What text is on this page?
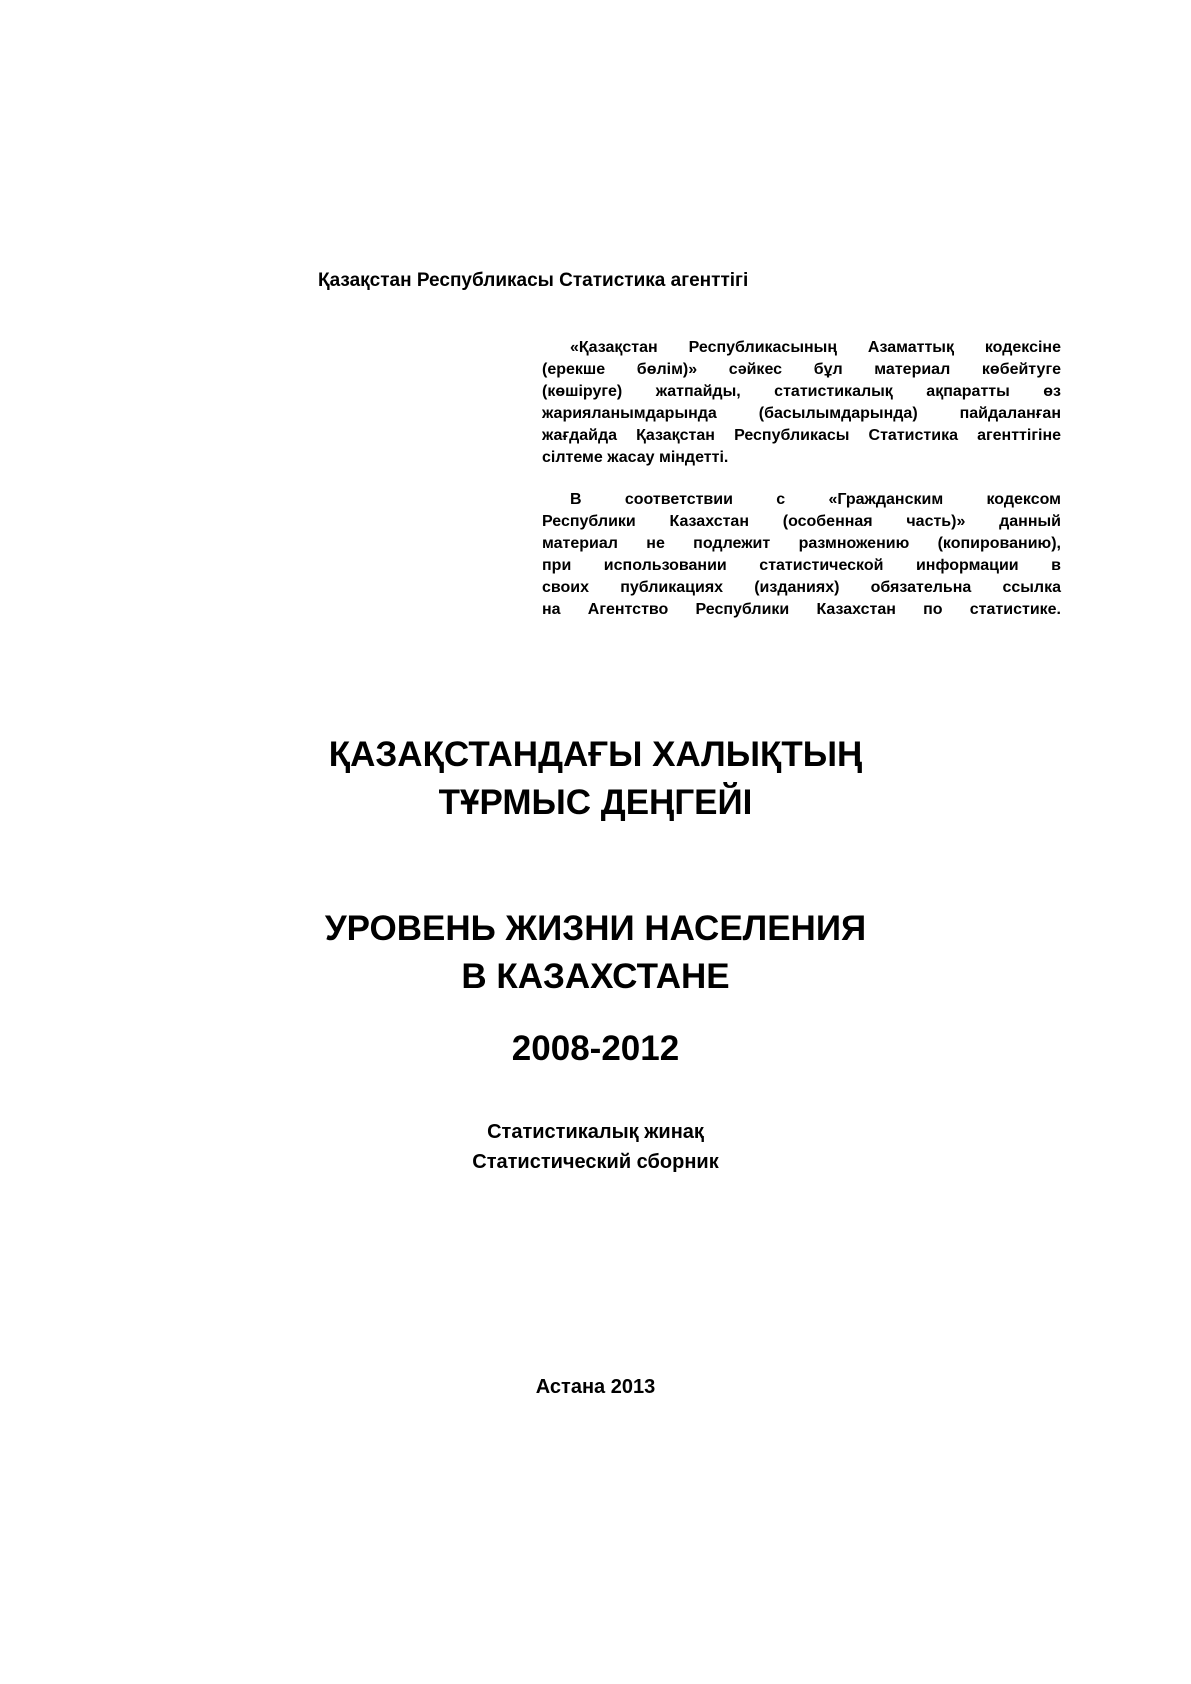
Қазақстан Республикасы Статистика агенттігі
«Қазақстан Республикасының Азаматтық кодексіне
(ерекше бөлім)» сәйкес бұл материал көбейтуге
(көшіруге) жатпайды, статистикалық ақпаратты өз
жарияланымдарында (басылымдарында) пайдаланған
жағдайда Қазақстан Республикасы Статистика агенттігіне
сілтеме жасау міндетті.
В соответствии с «Гражданским кодексом
Республики Казахстан (особенная часть)» данный
материал не подлежит размножению (копированию),
при использовании статистической информации в
своих публикациях (изданиях) обязательна ссылка
на Агентство Республики Казахстан по статистике.
ҚАЗАҚСТАНДАҒЫ ХАЛЫҚТЫҢ
ТҰРМЫС ДЕҢГЕЙІ
УРОВЕНЬ ЖИЗНИ НАСЕЛЕНИЯ
В КАЗАХСТАНЕ
2008-2012
Статистикалық жинақ
Статистический сборник
Астана 2013
